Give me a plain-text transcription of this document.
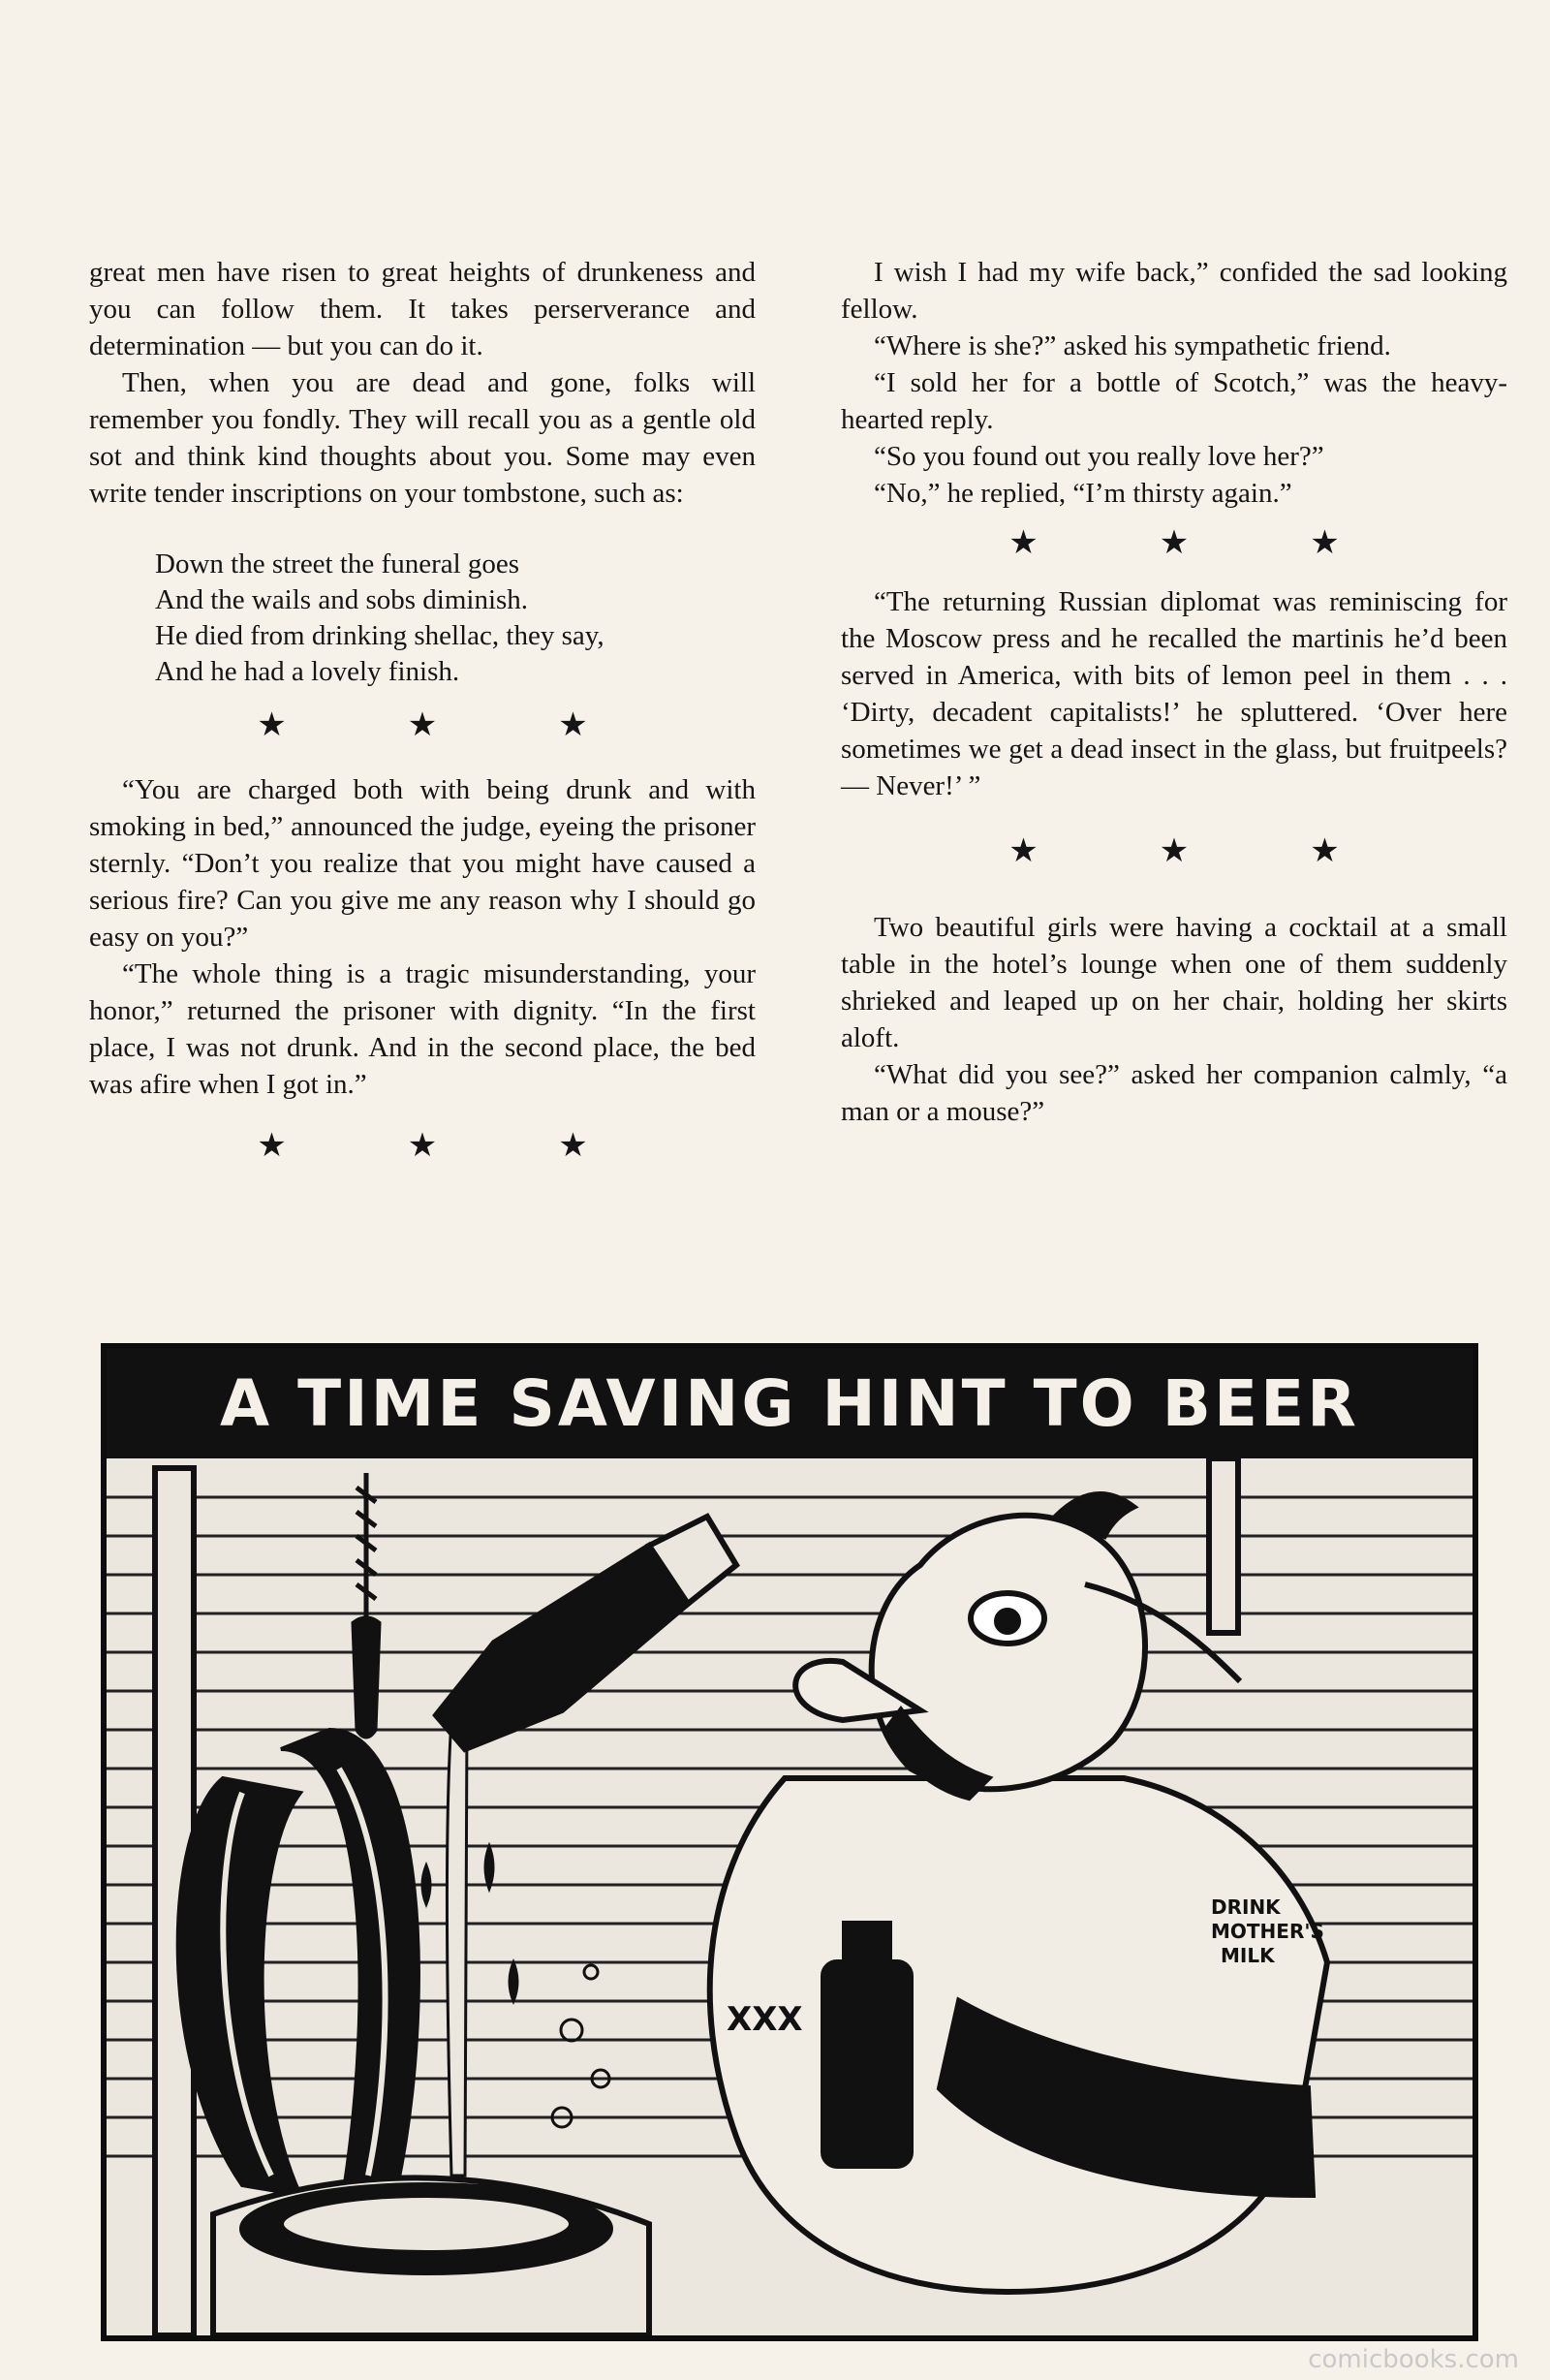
great men have risen to great heights of drunkeness and you can follow them. It takes perserverance and determination — but you can do it.

Then, when you are dead and gone, folks will remember you fondly. They will recall you as a gentle old sot and think kind thoughts about you. Some may even write tender inscriptions on your tombstone, such as:

Down the street the funeral goes
And the wails and sobs diminish.
He died from drinking shellac, they say,
And he had a lovely finish.
★	★	★

“You are charged both with being drunk and with smoking in bed,” announced the judge, eyeing the prisoner sternly. “Don’t you realize that you might have caused a serious fire? Can you give me any reason why I should go easy on you?”

“The whole thing is a tragic misunderstanding, your honor,” returned the prisoner with dignity. “In the first place, I was not drunk. And in the second place, the bed was afire when I got in.”

★	★	★

I wish I had my wife back,” confided the sad looking fellow.

“Where is she?” asked his sympathetic friend.

“I sold her for a bottle of Scotch,” was the heavy-hearted reply.

“So you found out you really love her?”

“No,” he replied, “I’m thirsty again.”

★	★	★

“The returning Russian diplomat was reminiscing for the Moscow press and he recalled the martinis he’d been served in America, with bits of lemon peel in them . . . ‘Dirty, decadent capitalists!’ he spluttered. ‘Over here sometimes we get a dead insect in the glass, but fruitpeels? — Never!’ ”

★	★	★

Two beautiful girls were having a cocktail at a small table in the hotel’s lounge when one of them suddenly shrieked and leaped up on her chair, holding her skirts aloft.

“What did you see?” asked her companion calmly, “a man or a mouse?”

A TIME SAVING HINT TO BEER
XXX
DRINK
MOTHER'S
MILK
comicbooks.com
